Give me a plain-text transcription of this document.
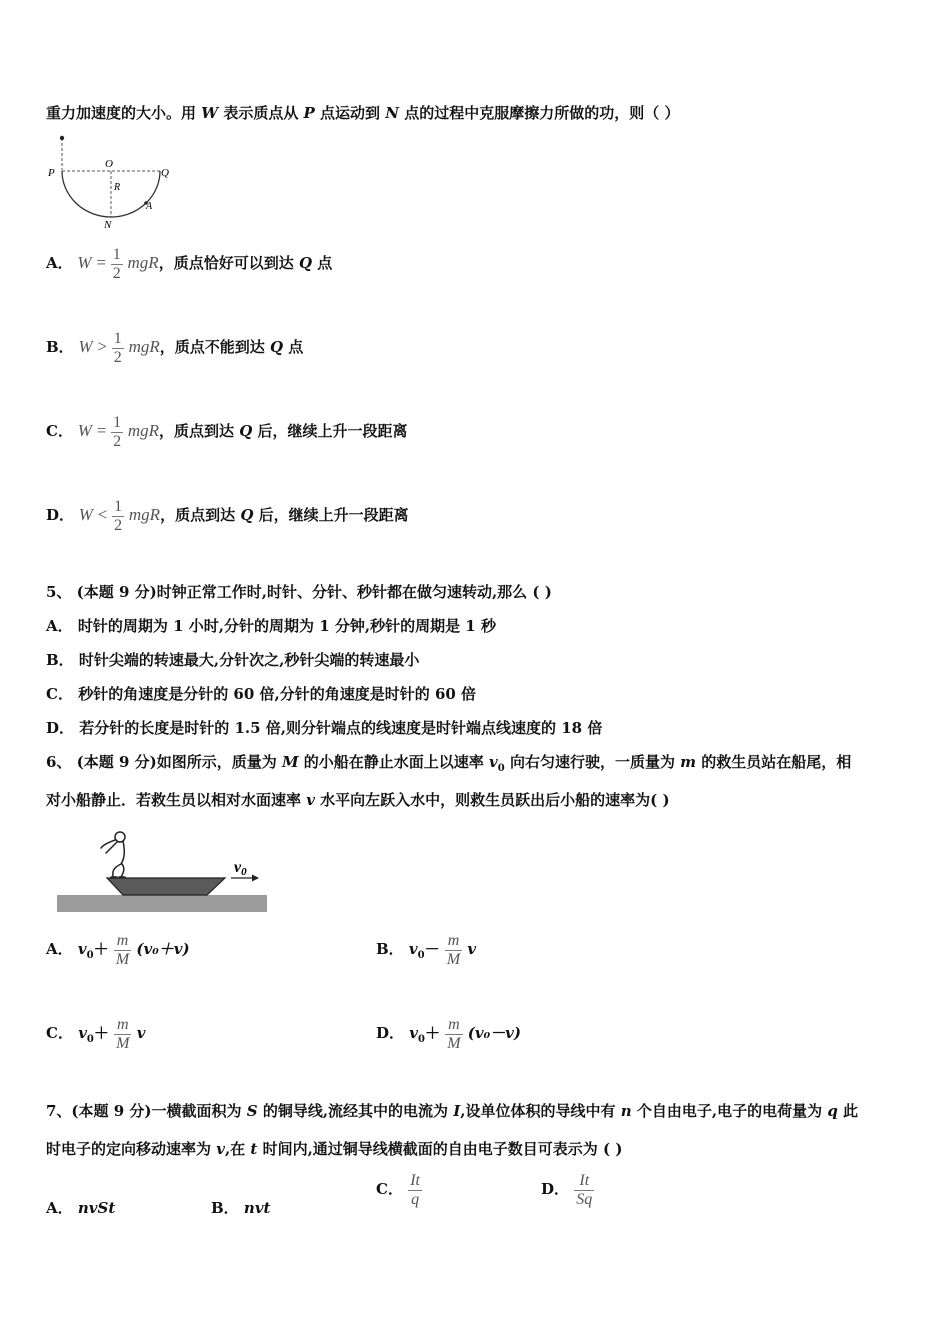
重力加速度的大小。用 W 表示质点从 P 点运动到 N 点的过程中克服摩擦力所做的功，则（ ）
P
O
Q
R
N
A
A． $W = \frac{1}{2}$ mgR，质点恰好可以到达 Q 点
B． $W > \frac{1}{2}$ mgR，质点不能到达 Q 点
C． $W = \frac{1}{2}$ mgR，质点到达 Q 后，继续上升一段距离
D． $W < \frac{1}{2}$ mgR，质点到达 Q 后，继续上升一段距离
5、 (本题 9 分)时钟正常工作时,时针、分针、秒针都在做匀速转动,那么 ( )
A． 时针的周期为 1 小时,分针的周期为 1 分钟,秒针的周期是 1 秒
B． 时针尖端的转速最大,分针次之,秒针尖端的转速最小
C． 秒针的角速度是分针的 60 倍,分针的角速度是时针的 60 倍
D． 若分针的长度是时针的 1.5 倍,则分针端点的线速度是时针端点线速度的 18 倍
6、 (本题 9 分)如图所示，质量为 M 的小船在静止水面上以速率 $v_0$ 向右匀速行驶，一质量为 m 的救生员站在船尾，相
对小船静止．若救生员以相对水面速率 v 水平向左跃入水中，则救生员跃出后小船的速率为( )
v0
A． $v_0+ \frac{m}{M} (v_0+v)$	B． $v_0- \frac{m}{M}$ v
C． $v_0+ \frac{m}{M}$ v	D． $v_0+ \frac{m}{M} (v_0-v)$
7、(本题 9 分)一横截面积为 S 的铜导线,流经其中的电流为 I,设单位体积的导线中有 n 个自由电子,电子的电荷量为 q 此
时电子的定向移动速率为 v,在 t 时间内,通过铜导线横截面的自由电子数目可表示为 ( )
A． nvSt	B． nvt
C． $\frac{It}{q}$	D． $\frac{It}{Sq}$
